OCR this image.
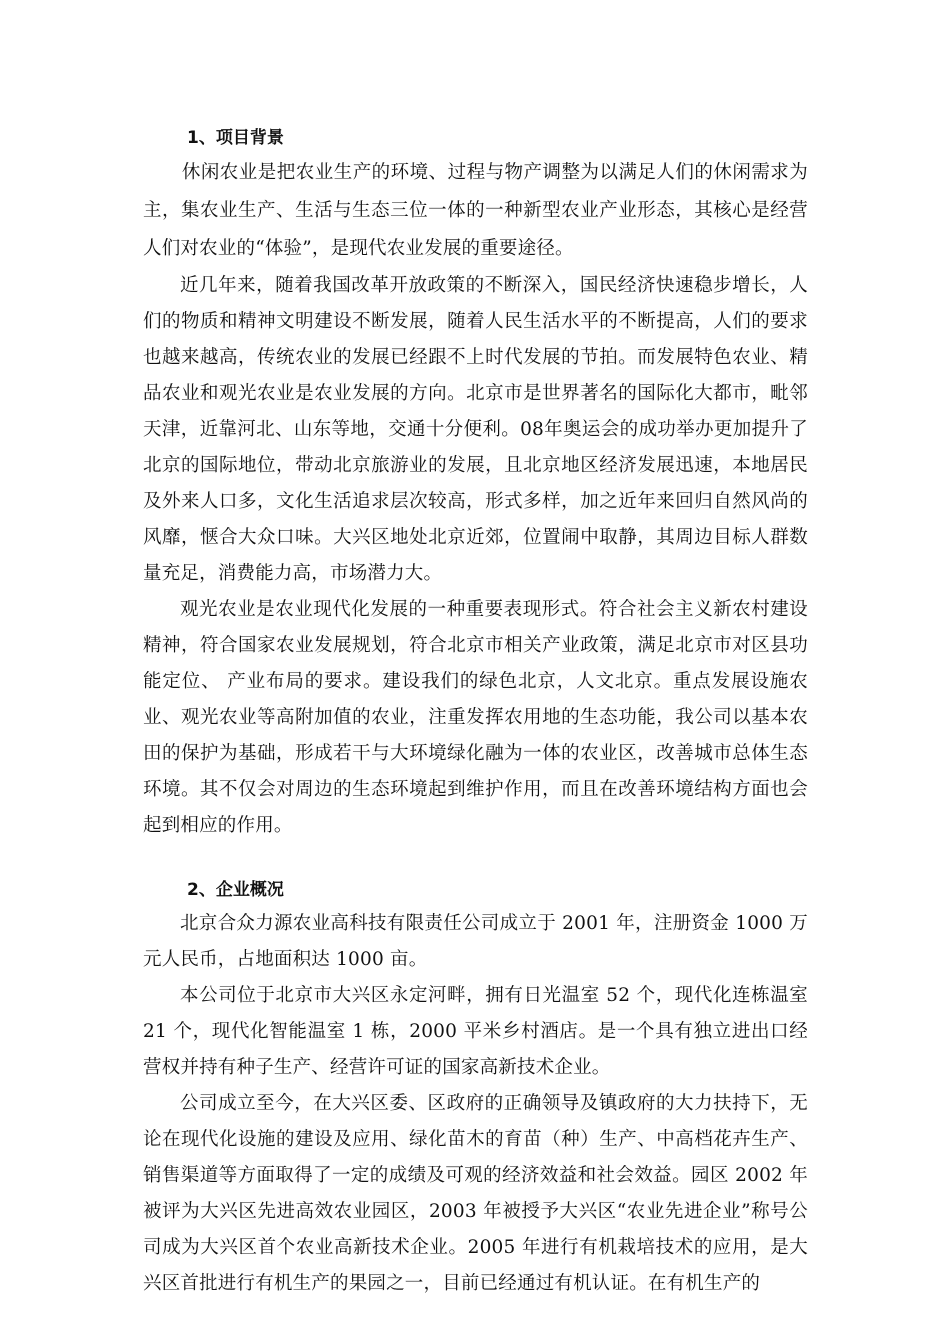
1、项目背景

休闲农业是把农业生产的环境、过程与物产调整为以满足人们的休闲需求为主，集农业生产、生活与生态三位一体的一种新型农业产业形态，其核心是经营人们对农业的“体验”，是现代农业发展的重要途径。

近几年来，随着我国改革开放政策的不断深入，国民经济快速稳步增长，人们的物质和精神文明建设不断发展，随着人民生活水平的不断提高，人们的要求也越来越高，传统农业的发展已经跟不上时代发展的节拍。而发展特色农业、精品农业和观光农业是农业发展的方向。北京市是世界著名的国际化大都市，毗邻天津，近靠河北、山东等地，交通十分便利。08年奥运会的成功举办更加提升了北京的国际地位，带动北京旅游业的发展，且北京地区经济发展迅速，本地居民及外来人口多，文化生活追求层次较高，形式多样，加之近年来回归自然风尚的风靡，惬合大众口味。大兴区地处北京近郊，位置闹中取静，其周边目标人群数量充足，消费能力高，市场潜力大。

观光农业是农业现代化发展的一种重要表现形式。符合社会主义新农村建设精神，符合国家农业发展规划，符合北京市相关产业政策，满足北京市对区县功能定位、 产业布局的要求。建设我们的绿色北京，人文北京。重点发展设施农业、观光农业等高附加值的农业，注重发挥农用地的生态功能，我公司以基本农田的保护为基础，形成若干与大环境绿化融为一体的农业区，改善城市总体生态环境。其不仅会对周边的生态环境起到维护作用，而且在改善环境结构方面也会起到相应的作用。

2、企业概况

北京合众力源农业高科技有限责任公司成立于 2001 年，注册资金 1000 万元人民币，占地面积达 1000 亩。

本公司位于北京市大兴区永定河畔，拥有日光温室 52 个，现代化连栋温室 21 个，现代化智能温室 1 栋，2000 平米乡村酒店。是一个具有独立进出口经营权并持有种子生产、经营许可证的国家高新技术企业。

公司成立至今，在大兴区委、区政府的正确领导及镇政府的大力扶持下，无论在现代化设施的建设及应用、绿化苗木的育苗（种）生产、中高档花卉生产、销售渠道等方面取得了一定的成绩及可观的经济效益和社会效益。园区 2002 年被评为大兴区先进高效农业园区，2003 年被授予大兴区“农业先进企业”称号公司成为大兴区首个农业高新技术企业。2005 年进行有机栽培技术的应用，是大兴区首批进行有机生产的果园之一，目前已经通过有机认证。在有机生产的
